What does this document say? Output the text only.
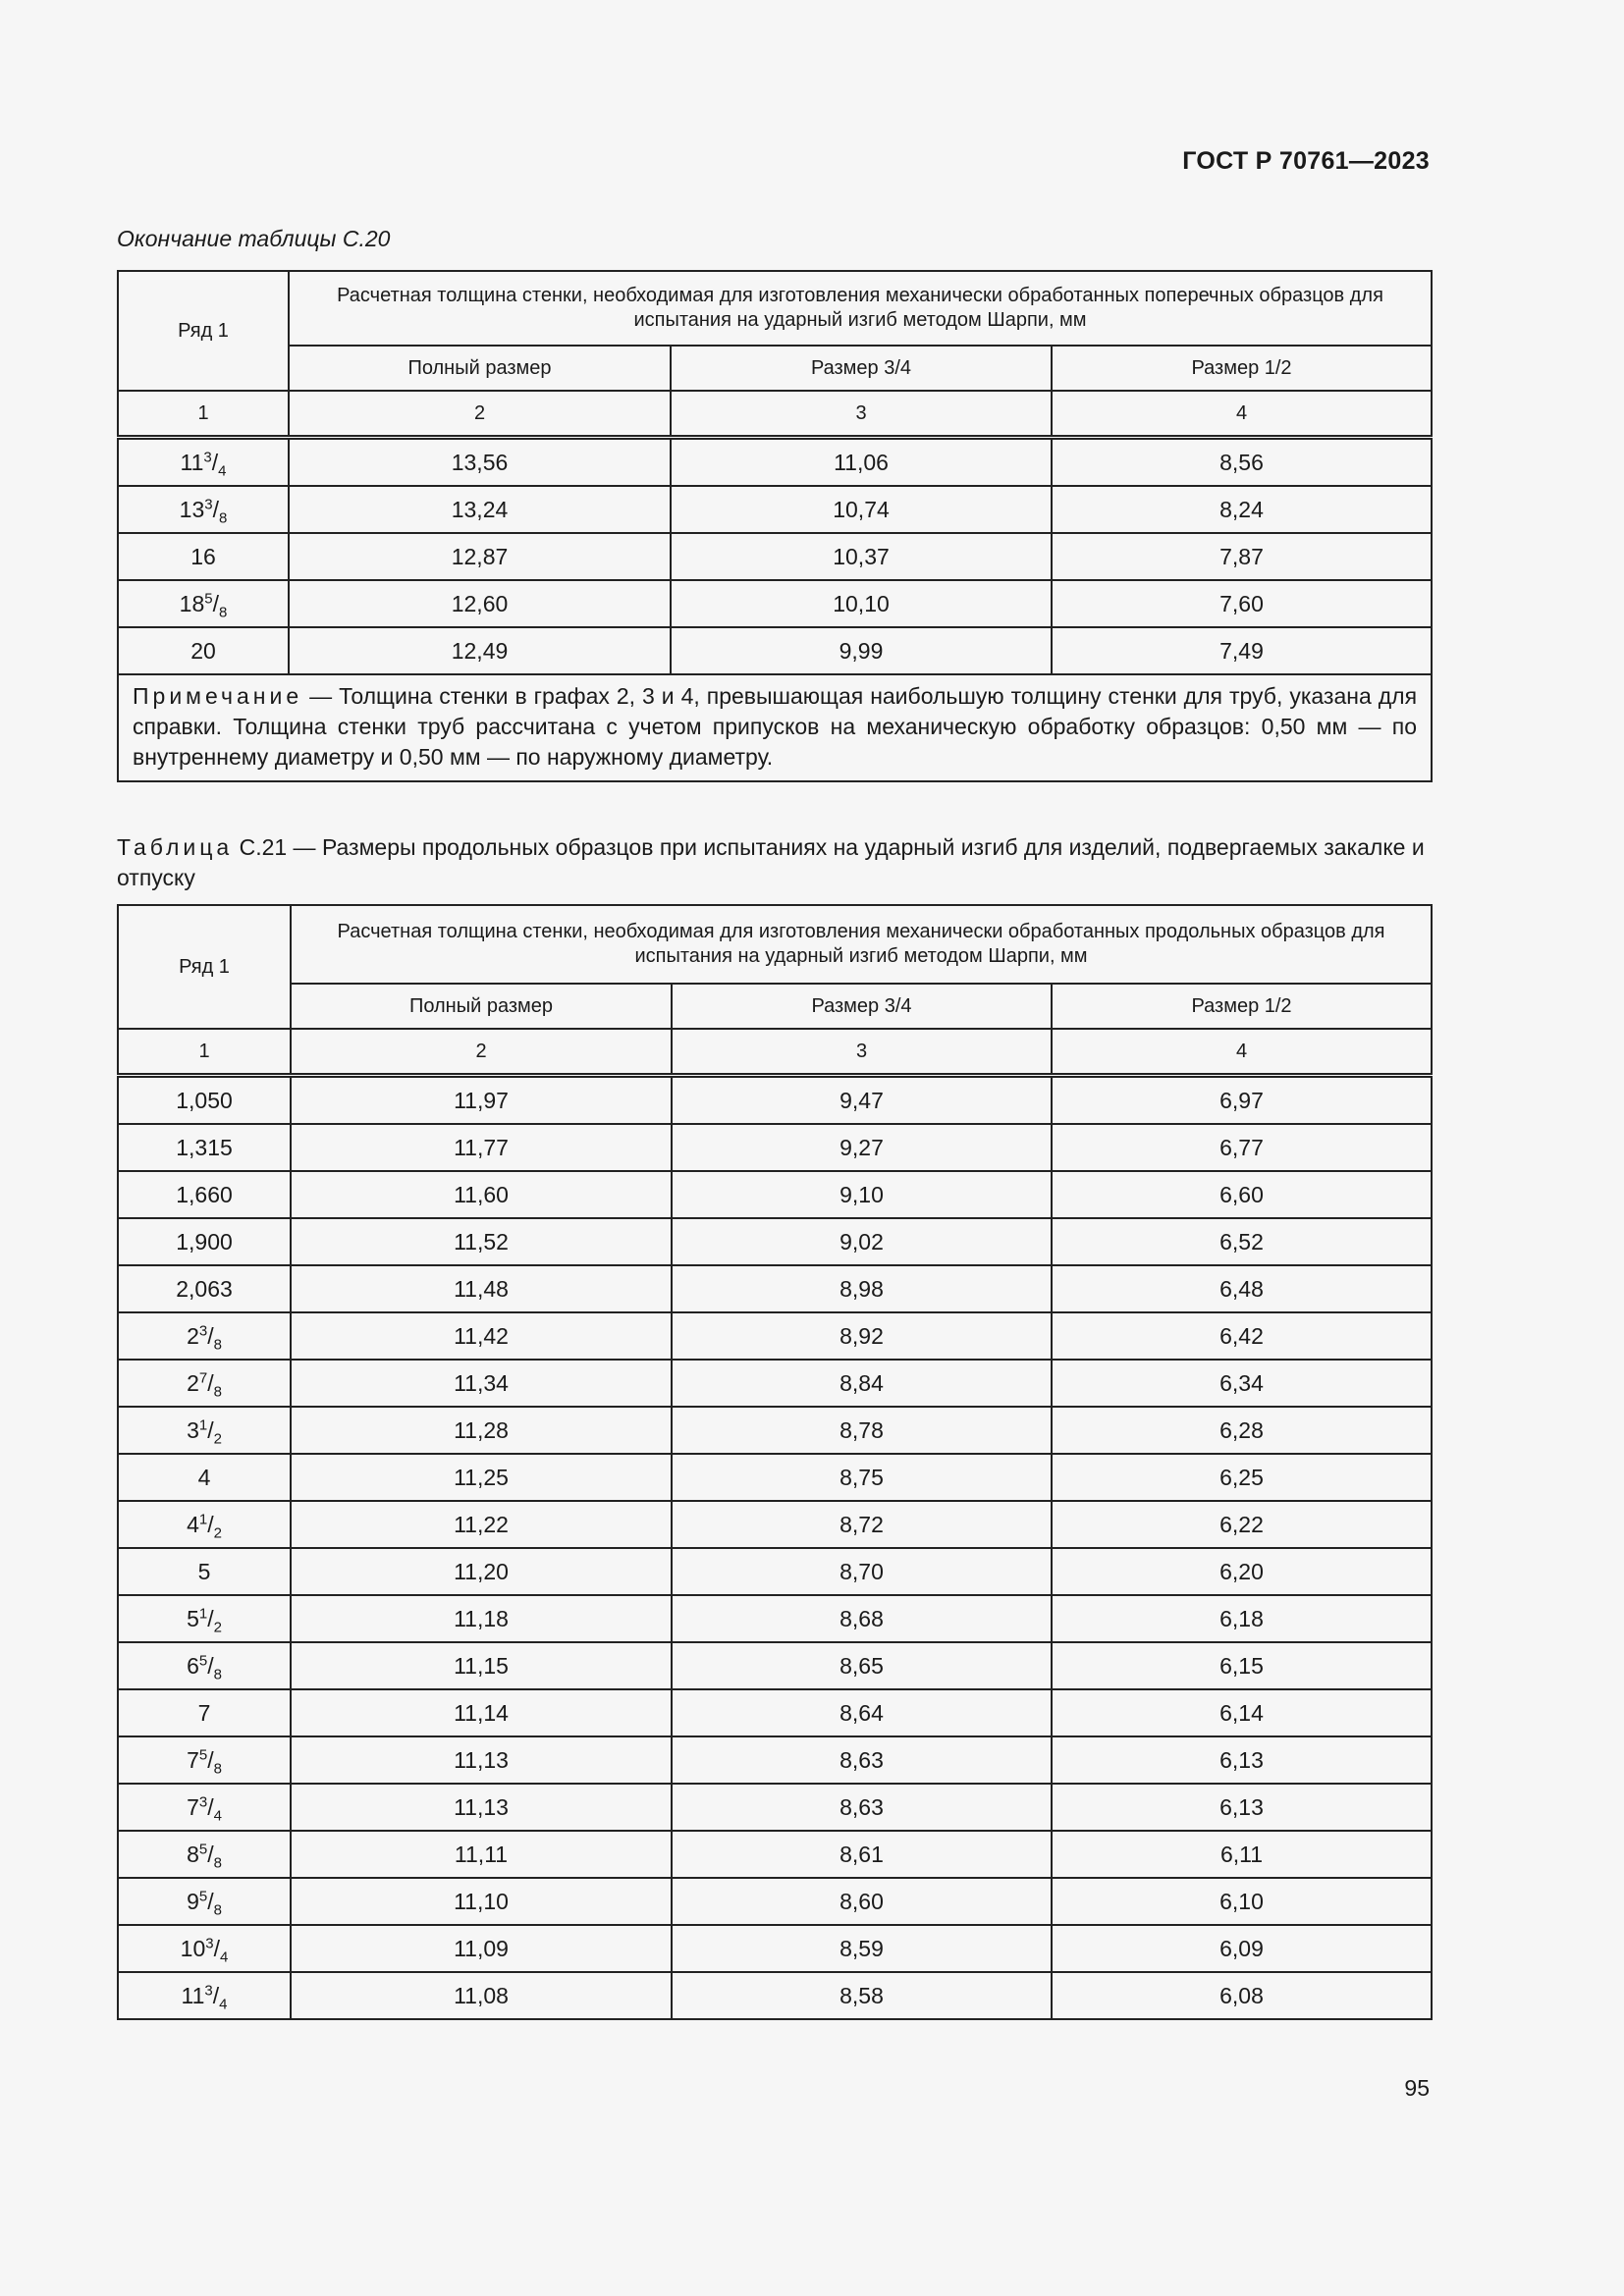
ГОСТ Р 70761—2023
Окончание таблицы С.20
Ряд 1	Расчетная толщина стенки, необходимая для изготовления механически обработанных поперечных образцов для испытания на ударный изгиб методом Шарпи, мм		
	Полный размер	Размер 3/4	Размер 1/2
1	2	3	4
$11^3/_4$	13,56	11,06	8,56
$13^3/_8$	13,24	10,74	8,24
16	12,87	10,37	7,87
$18^5/_8$	12,60	10,10	7,60
20	12,49	9,99	7,49
Примечание — Толщина стенки в графах 2, 3 и 4, превышающая наибольшую толщину стенки для труб, указана для справки. Толщина стенки труб рассчитана с учетом припусков на механическую обработку образцов: 0,50 мм — по внутреннему диаметру и 0,50 мм — по наружному диаметру.			
Таблица С.21 — Размеры продольных образцов при испытаниях на ударный изгиб для изделий, подвергаемых закалке и отпуску
Ряд 1	Расчетная толщина стенки, необходимая для изготовления механически обработанных продольных образцов для испытания на ударный изгиб методом Шарпи, мм		
	Полный размер	Размер 3/4	Размер 1/2
1	2	3	4
1,050	11,97	9,47	6,97
1,315	11,77	9,27	6,77
1,660	11,60	9,10	6,60
1,900	11,52	9,02	6,52
2,063	11,48	8,98	6,48
$2^3/_8$	11,42	8,92	6,42
$2^7/_8$	11,34	8,84	6,34
$3^1/_2$	11,28	8,78	6,28
4	11,25	8,75	6,25
$4^1/_2$	11,22	8,72	6,22
5	11,20	8,70	6,20
$5^1/_2$	11,18	8,68	6,18
$6^5/_8$	11,15	8,65	6,15
7	11,14	8,64	6,14
$7^5/_8$	11,13	8,63	6,13
$7^3/_4$	11,13	8,63	6,13
$8^5/_8$	11,11	8,61	6,11
$9^5/_8$	11,10	8,60	6,10
$10^3/_4$	11,09	8,59	6,09
$11^3/_4$	11,08	8,58	6,08
95
